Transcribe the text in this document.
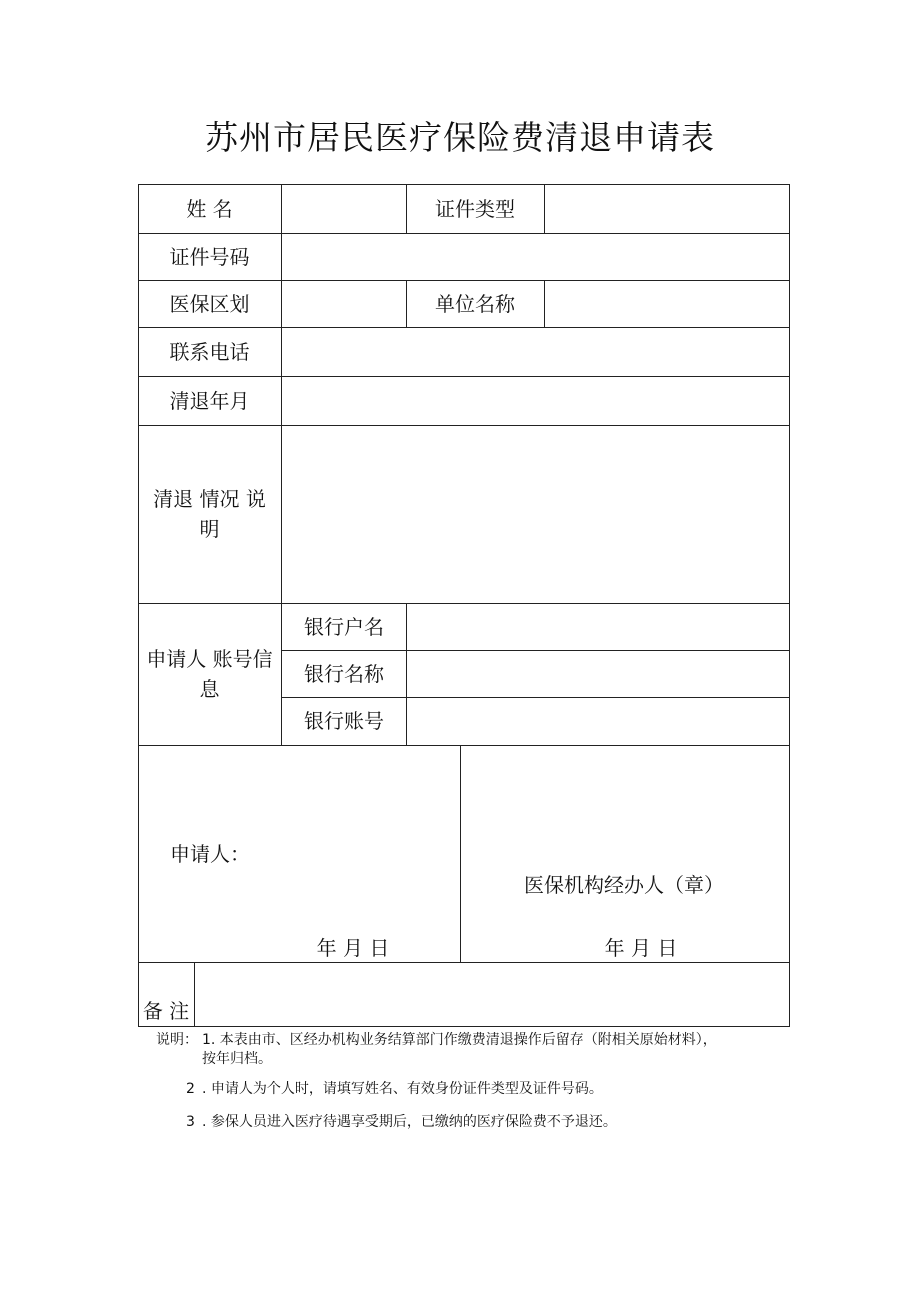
苏州市居民医疗保险费清退申请表
姓 名	证件类型
证件号码
医保区划	单位名称
联系电话
清退年月
清退 情况 说
明
申请人 账号信
息
银行户名
银行名称
银行账号
申请人：
年 月 日
医保机构经办人（章）
年 月 日
备 注
说明： 1. 本表由市、区经办机构业务结算部门作缴费清退操作后留存（附相关原始材料），
按年归档。
2 . 申请人为个人时，请填写姓名、有效身份证件类型及证件号码。
3 . 参保人员进入医疗待遇享受期后，已缴纳的医疗保险费不予退还。
